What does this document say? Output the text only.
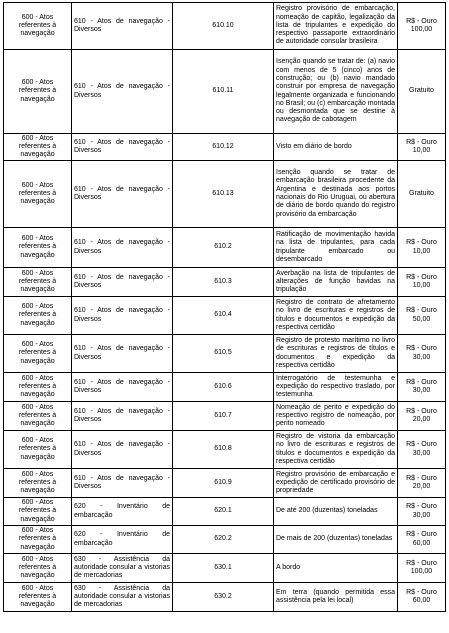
600 - Atos referentes à navegação	610 - Atos de navegação - Diversos	610.10	Registro provisório de embarcação, nomeação de capitão, legalização da lista de tripulantes e expedição do respectivo passaporte extraordinário de autoridade consular brasileira	R$ - Ouro 100,00
600 - Atos referentes à navegação	610 - Atos de navegação - Diversos	610.11	Isenção quando se tratar de: (a) navio com menos de 5 (cinco) anos de construção; ou (b) navio mandado construir por empresa de navegação legalmente organizada e funcionando no Brasil; ou (c) embarcação montada ou desmontada que se destine à navegação de cabotagem	Gratuito
600 - Atos referentes à navegação	610 - Atos de navegação - Diversos	610.12	Visto em diário de bordo	R$ - Ouro 10,00
600 - Atos referentes à navegação	610 - Atos de navegação - Diversos	610.13	Isenção quando se tratar de embarcação brasileira procedente da Argentina e destinada aos portos nacionais do Rio Uruguai, ou abertura de diário de bordo quando do registro provisório da embarcação	Gratuito
600 - Atos referentes à navegação	610 - Atos de navegação - Diversos	610.2	Ratificação de movimentação havida na lista de tripulantes, para cada tripulante embarcado ou desembarcado	R$ - Ouro 10,00
600 - Atos referentes à navegação	610 - Atos de navegação - Diversos	610.3	Averbação na lista de tripulantes de alterações de função havidas na tripulação	R$ - Ouro 10,00
600 - Atos referentes à navegação	610 - Atos de navegação - Diversos	610.4	Registro de contrato de afretamento no livro de escrituras e registros de títulos e documentos e expedição da respectiva certidão	R$ - Ouro 50,00
600 - Atos referentes à navegação	610 - Atos de navegação - Diversos	610.5	Registro de protesto marítimo no livro de escrituras e registros de títulos e documentos e expedição da respectiva certidão	R$ - Ouro 30,00
600 - Atos referentes à navegação	610 - Atos de navegação - Diversos	610.6	Interrogatório de testemunha e expedição do respectivo traslado, por testemunha	R$ - Ouro 30,00
600 - Atos referentes à navegação	610 - Atos de navegação - Diversos	610.7	Nomeação de perito e expedição do respectivo registro de nomeação, por perito nomeado	R$ - Ouro 20,00
600 - Atos referentes à navegação	610 - Atos de navegação - Diversos	610.8	Registro de vistoria da embarcação no livro de escrituras e registros de títulos e documentos e expedição da respectiva certidão	R$ - Ouro 30,00
600 - Atos referentes à navegação	610 - Atos de navegação - Diversos	610.9	Registro provisório de embarcação e expedição de certificado provisório de propriedade	R$ - Ouro 20,00
600 - Atos referentes à navegação	620 - Inventário de embarcação	620.1	De até 200 (duzentas) toneladas	R$ - Ouro 30,00
600 - Atos referentes à navegação	620 - Inventário de embarcação	620.2	De mais de 200 (duzentas) toneladas	R$ - Ouro 60,00
600 - Atos referentes à navegação	630 - Assistência da autoridade consular a vistorias de mercadorias	630.1	A bordo	R$ - Ouro 100,00
600 - Atos referentes à navegação	630 - Assistência da autoridade consular a vistorias de mercadorias	630.2	Em terra (quando permitida essa assistência pela lei local)	R$ - Ouro 60,00
